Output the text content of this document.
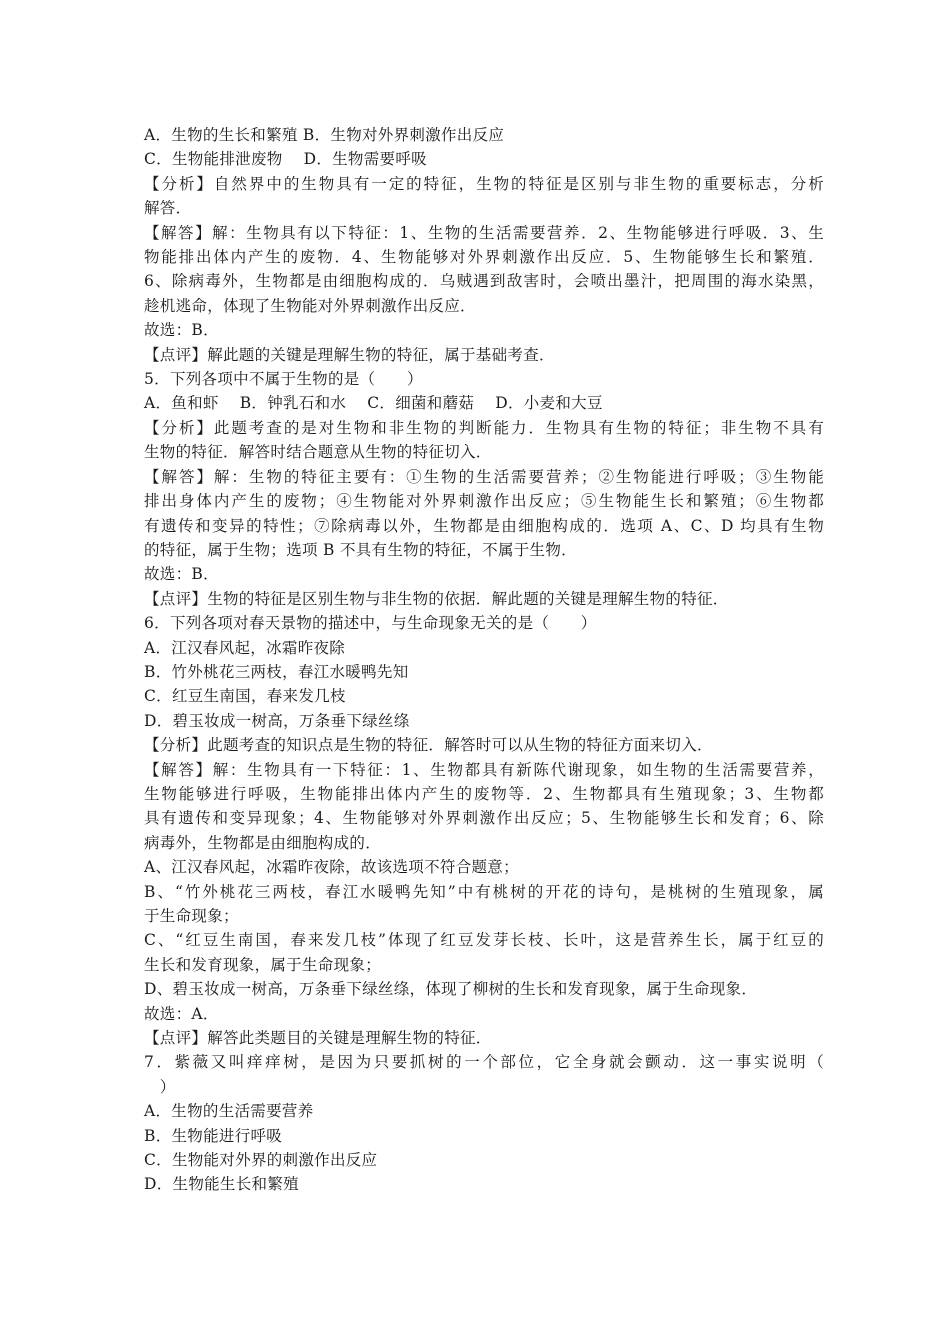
A．生物的生长和繁殖 B．生物对外界刺激作出反应
C．生物能排泄废物　 D．生物需要呼吸
【分析】自然界中的生物具有一定的特征，生物的特征是区别与非生物的重要标志，分析
解答．
【解答】解：生物具有以下特征：1、生物的生活需要营养．2、生物能够进行呼吸．3、生
物能排出体内产生的废物．4、生物能够对外界刺激作出反应．5、生物能够生长和繁殖．
6、除病毒外，生物都是由细胞构成的．乌贼遇到敌害时，会喷出墨汁，把周围的海水染黑，
趁机逃命，体现了生物能对外界刺激作出反应．
故选：B．
【点评】解此题的关键是理解生物的特征，属于基础考查．
5．下列各项中不属于生物的是（　　）
A．鱼和虾　 B．钟乳石和水　 C．细菌和蘑菇　 D．小麦和大豆
【分析】此题考查的是对生物和非生物的判断能力．生物具有生物的特征；非生物不具有
生物的特征．解答时结合题意从生物的特征切入．
【解答】解：生物的特征主要有：①生物的生活需要营养；②生物能进行呼吸；③生物能
排出身体内产生的废物；④生物能对外界刺激作出反应；⑤生物能生长和繁殖；⑥生物都
有遗传和变异的特性；⑦除病毒以外，生物都是由细胞构成的．选项 A、C、D 均具有生物
的特征，属于生物；选项 B 不具有生物的特征，不属于生物．
故选：B．
【点评】生物的特征是区别生物与非生物的依据．解此题的关键是理解生物的特征．
6．下列各项对春天景物的描述中，与生命现象无关的是（　　）
A．江汉春风起，冰霜昨夜除
B．竹外桃花三两枝，春江水暖鸭先知
C．红豆生南国，春来发几枝
D．碧玉妆成一树高，万条垂下绿丝绦
【分析】此题考查的知识点是生物的特征．解答时可以从生物的特征方面来切入．
【解答】解：生物具有一下特征：1、生物都具有新陈代谢现象，如生物的生活需要营养，
生物能够进行呼吸，生物能排出体内产生的废物等．2、生物都具有生殖现象；3、生物都
具有遗传和变异现象；4、生物能够对外界刺激作出反应；5、生物能够生长和发育；6、除
病毒外，生物都是由细胞构成的．
A、江汉春风起，冰霜昨夜除，故该选项不符合题意；
B、“竹外桃花三两枝，春江水暖鸭先知”中有桃树的开花的诗句，是桃树的生殖现象，属
于生命现象；
C、“红豆生南国，春来发几枝”体现了红豆发芽长枝、长叶，这是营养生长，属于红豆的
生长和发育现象，属于生命现象；
D、碧玉妆成一树高，万条垂下绿丝绦，体现了柳树的生长和发育现象，属于生命现象．
故选：A．
【点评】解答此类题目的关键是理解生物的特征．
7．紫薇又叫痒痒树，是因为只要抓树的一个部位，它全身就会颤动．这一事实说明（
　）
A．生物的生活需要营养
B．生物能进行呼吸
C．生物能对外界的刺激作出反应
D．生物能生长和繁殖
